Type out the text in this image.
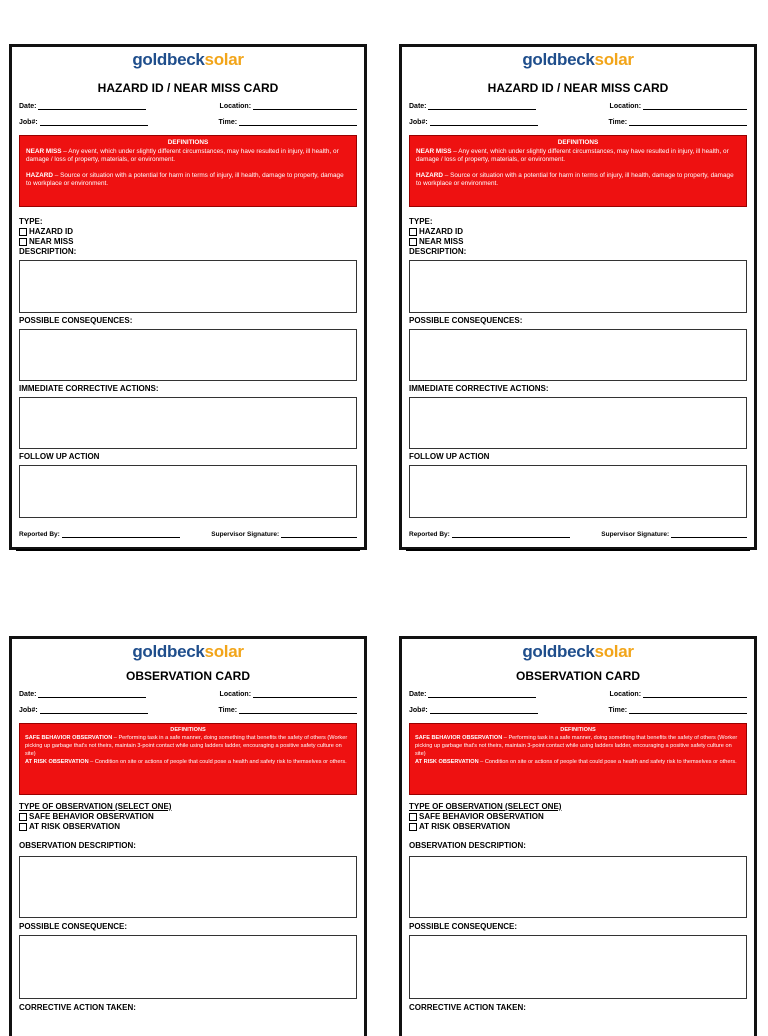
goldbecksolar
HAZARD ID / NEAR MISS CARD
Date:	Location:
Job#:	Time:
DEFINITIONS

NEAR MISS – Any event, which under slightly different circumstances, may have resulted in injury, ill health, or damage / loss of property, materials, or environment.

HAZARD – Source or situation with a potential for harm in terms of injury, ill health, damage to property, damage to workplace or environment.

TYPE:
HAZARD ID
NEAR MISS
DESCRIPTION:
POSSIBLE CONSEQUENCES:
IMMEDIATE CORRECTIVE ACTIONS:
FOLLOW UP ACTION
Reported By:	Supervisor Signature:
goldbecksolar
HAZARD ID / NEAR MISS CARD
Date:	Location:
Job#:	Time:
DEFINITIONS

NEAR MISS – Any event, which under slightly different circumstances, may have resulted in injury, ill health, or damage / loss of property, materials, or environment.

HAZARD – Source or situation with a potential for harm in terms of injury, ill health, damage to property, damage to workplace or environment.

TYPE:
HAZARD ID
NEAR MISS
DESCRIPTION:
POSSIBLE CONSEQUENCES:
IMMEDIATE CORRECTIVE ACTIONS:
FOLLOW UP ACTION
Reported By:	Supervisor Signature:
goldbecksolar
OBSERVATION CARD
Date:	Location:
Job#:	Time:
DEFINITIONS

SAFE BEHAVIOR OBSERVATION – Performing task in a safe manner, doing something that benefits the safety of others (Worker picking up garbage that's not theirs, maintain 3-point contact while using ladders ladder, encouraging a positive safety culture on site)

AT RISK OBSERVATION – Condition on site or actions of people that could pose a health and safety risk to themselves or others.

TYPE OF OBSERVATION (SELECT ONE)
SAFE BEHAVIOR OBSERVATION
AT RISK OBSERVATION
OBSERVATION DESCRIPTION:
POSSIBLE CONSEQUENCE:
CORRECTIVE ACTION TAKEN:
goldbecksolar
OBSERVATION CARD
Date:	Location:
Job#:	Time:
DEFINITIONS

SAFE BEHAVIOR OBSERVATION – Performing task in a safe manner, doing something that benefits the safety of others (Worker picking up garbage that's not theirs, maintain 3-point contact while using ladders ladder, encouraging a positive safety culture on site)

AT RISK OBSERVATION – Condition on site or actions of people that could pose a health and safety risk to themselves or others.

TYPE OF OBSERVATION (SELECT ONE)
SAFE BEHAVIOR OBSERVATION
AT RISK OBSERVATION
OBSERVATION DESCRIPTION:
POSSIBLE CONSEQUENCE:
CORRECTIVE ACTION TAKEN:
